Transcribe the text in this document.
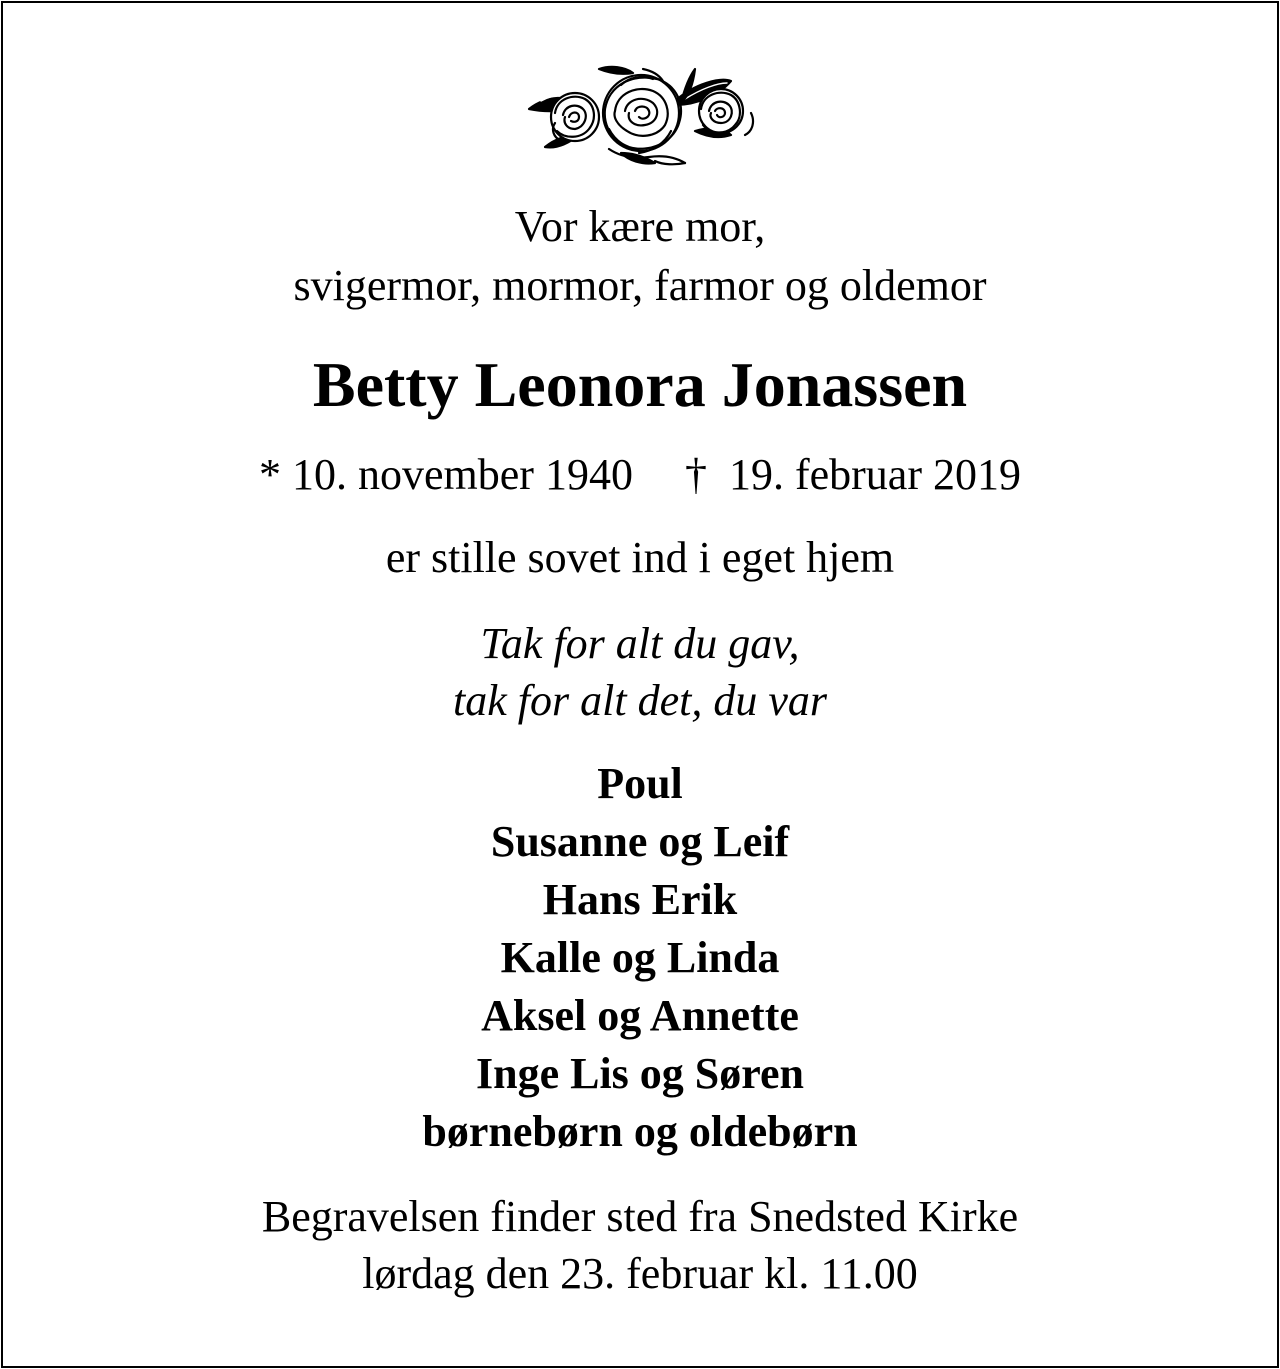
Vor kære mor,
svigermor, mormor, farmor og oldemor
Betty Leonora Jonassen
* 10. november 1940 † 19. februar 2019
er stille sovet ind i eget hjem
Tak for alt du gav,
tak for alt det, du var
Poul
Susanne og Leif
Hans Erik
Kalle og Linda
Aksel og Annette
Inge Lis og Søren
børnebørn og oldebørn
Begravelsen finder sted fra Snedsted Kirke
lørdag den 23. februar kl. 11.00
